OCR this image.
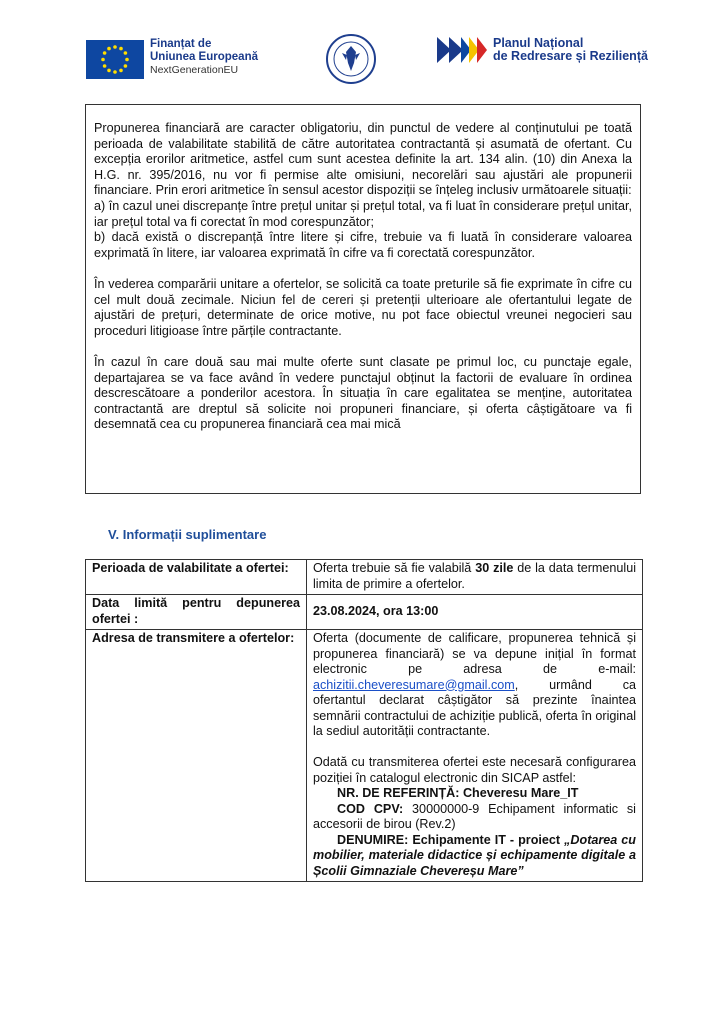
Finanțat de
Uniunea Europeană
NextGenerationEU
Planul Național
de Redresare și Reziliență

Propunerea financiară are caracter obligatoriu, din punctul de vedere al conținutului pe toată perioada de valabilitate stabilită de către autoritatea contractantă și asumată de ofertant. Cu excepția erorilor aritmetice, astfel cum sunt acestea definite la art. 134 alin. (10) din Anexa la H.G. nr. 395/2016, nu vor fi permise alte omisiuni, necorelări sau ajustări ale propunerii financiare. Prin erori aritmetice în sensul acestor dispoziții se înțeleg inclusiv următoarele situații:

a) în cazul unei discrepanțe între prețul unitar și prețul total, va fi luat în considerare prețul unitar, iar prețul total va fi corectat în mod corespunzător;

b) dacă există o discrepanță între litere și cifre, trebuie va fi luată în considerare valoarea exprimată în litere, iar valoarea exprimată în cifre va fi corectată corespunzător.

În vederea comparării unitare a ofertelor, se solicită ca toate preturile să fie exprimate în cifre cu cel mult două zecimale. Niciun fel de cereri și pretenții ulterioare ale ofertantului legate de ajustări de prețuri, determinate de orice motive, nu pot face obiectul vreunei negocieri sau proceduri litigioase între părțile contractante.

În cazul în care două sau mai multe oferte sunt clasate pe primul loc, cu punctaje egale, departajarea se va face având în vedere punctajul obținut la factorii de evaluare în ordinea descrescătoare a ponderilor acestora. În situația în care egalitatea se menține, autoritatea contractantă are dreptul să solicite noi propuneri financiare, și oferta câștigătoare va fi desemnată cea cu propunerea financiară cea mai mică

V. Informații suplimentare
Perioada de valabilitate a ofertei:	Oferta trebuie să fie valabilă 30 zile de la data termenului limita de primire a ofertelor.
Data limită pentru depunerea ofertei :	23.08.2024, ora 13:00
Adresa de transmitere a ofertelor:	Oferta (documente de calificare, propunerea tehnică și propunerea financiară) se va depune inițial în format electronic pe adresa de e-mail: achizitii.cheveresumare@gmail.com, urmând ca ofertantul declarat câștigător să prezinte înaintea semnării contractului de achiziție publică, oferta în original la sediul autorității contractante.

Odată cu transmiterea ofertei este necesară configurarea poziției în catalogul electronic din SICAP astfel:
NR. DE REFERINȚĂ: Cheveresu Mare_IT
COD CPV: 30000000-9 Echipament informatic si accesorii de birou (Rev.2)
DENUMIRE: Echipamente IT - proiect „Dotarea cu mobilier, materiale didactice și echipamente digitale a Școlii Gimnaziale Chevereșu Mare”
